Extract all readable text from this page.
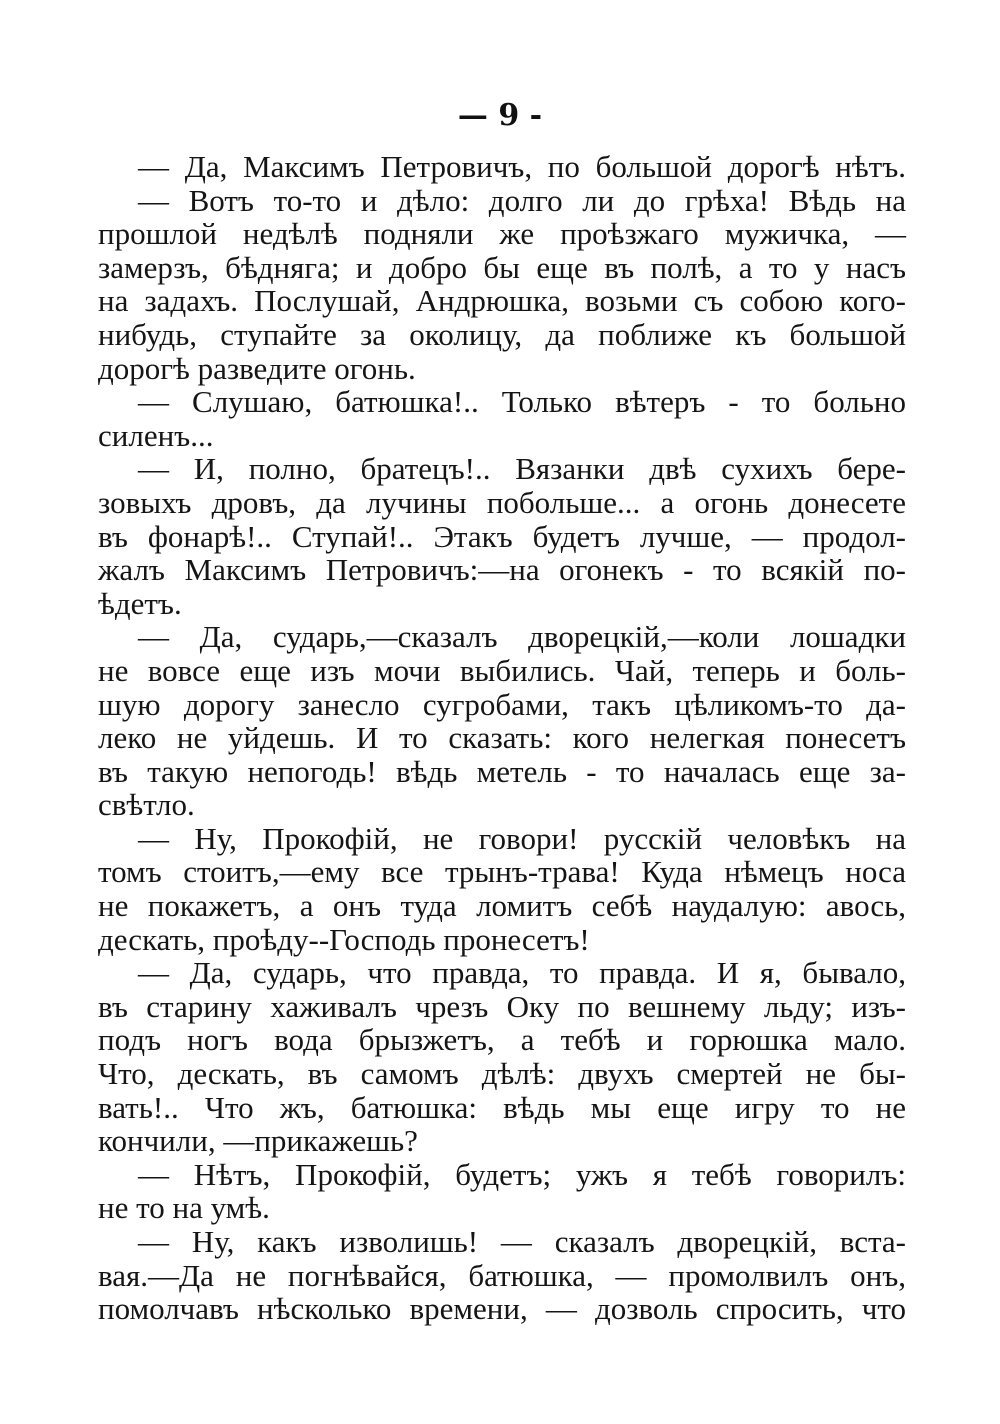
— 9 -
— Да, Максимъ Петровичъ, по большой дорогѣ нѣтъ.
— Вотъ то-то и дѣло: долго ли до грѣха! Вѣдь на
прошлой недѣлѣ подняли же проѣзжаго мужичка, —
замерзъ, бѣдняга; и добро бы еще въ полѣ, а то у насъ
на задахъ. Послушай, Андрюшка, возьми съ собою кого-
нибудь, ступайте за околицу, да поближе къ большой
дорогѣ разведите огонь.
— Слушаю, батюшка!.. Только вѣтеръ - то больно
силенъ...
— И, полно, братецъ!.. Вязанки двѣ сухихъ бере-
зовыхъ дровъ, да лучины побольше... а огонь донесете
въ фонарѣ!.. Ступай!.. Этакъ будетъ лучше, — продол-
жалъ Максимъ Петровичъ:—на огонекъ - то всякій по-
ѣдетъ.
— Да, сударь,—сказалъ дворецкій,—коли лошадки
не вовсе еще изъ мочи выбились. Чай, теперь и боль-
шую дорогу занесло сугробами, такъ цѣликомъ-то да-
леко не уйдешь. И то сказать: кого нелегкая понесетъ
въ такую непогодь! вѣдь метель - то началась еще за-
свѣтло.
— Ну, Прокофій, не говори! русскій человѣкъ на
томъ стоитъ,—ему все трынъ-трава! Куда нѣмецъ носа
не покажетъ, а онъ туда ломитъ себѣ наудалую: авось,
дескать, проѣду--Господь пронесетъ!
— Да, сударь, что правда, то правда. И я, бывало,
въ старину хаживалъ чрезъ Оку по вешнему льду; изъ-
подъ ногъ вода брызжетъ, а тебѣ и горюшка мало.
Что, дескать, въ самомъ дѣлѣ: двухъ смертей не бы-
вать!.. Что жъ, батюшка: вѣдь мы еще игру то не
кончили, —прикажешь?
— Нѣтъ, Прокофій, будетъ; ужъ я тебѣ говорилъ:
не то на умѣ.
— Ну, какъ изволишь! — сказалъ дворецкій, вста-
вая.—Да не погнѣвайся, батюшка, — промолвилъ онъ,
помолчавъ нѣсколько времени, — дозволь спросить, что
